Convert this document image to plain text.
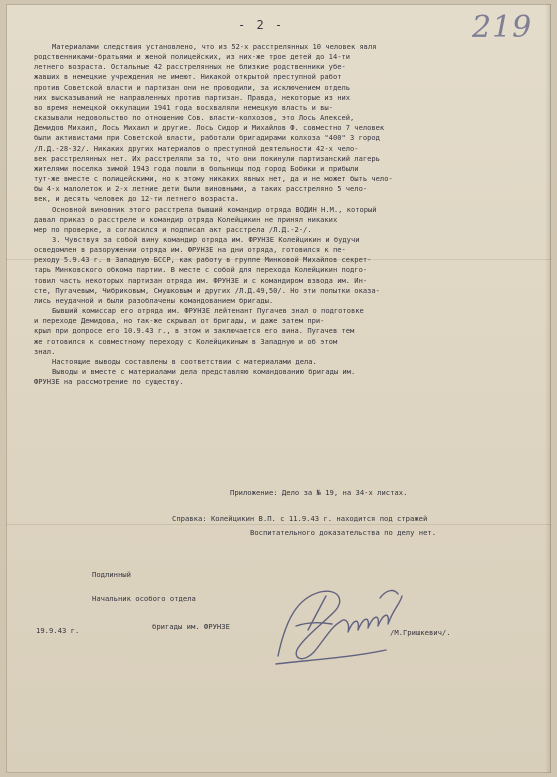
- 2 -	219
Материалами следствия установлено, что из 52-х расстрелянных 10 человек явля
родственниками-братьями и женой полицейских, из них-же трое детей до 14-ти
летнего возраста. Остальные 42 расстрелянных не близкие родственники убе-
жавших в немецкие учреждения не имеют. Никакой открытой преступной работ
против Советской власти и партизан они не проводили, за исключением отдель
них высказываний не направленных против партизан. Правда, некоторые из них
во время немецкой оккупации 1941 года восхваляли немецкую власть и вы-
сказывали недовольство по отношению Сов. власти-колхозов, это Лось Алексей,
Демидов Михаил, Лось Михаил и другие. Лось Сидор и Михайлов Ф. совместно 7 человек
были активистами при Советской власти, работали бригадирами колхоза "400" 3 город
/Л.Д.-28-32/. Никаких других материалов о преступной деятельности 42-х чело-
век расстрелянных нет. Их расстреляли за то, что они покинули партизанский лагерь
жителями поселка зимой 1943 года пошли в больницы под город Бобики и прибыли
тут-же вместе с полицейскими, но к этому никаких явных нет, да и не может быть чело-
бы 4-х малолеток и 2-х летние дети были виновными, а таких расстреляно 5 чело-
век, и десять человек до 12-ти летнего возраста.
Основной виновник этого расстрела бывший командир отряда ВОДИН Н.М., который
давал приказ о расстреле и командир отряда Колейцикин не принял никаких
мер по проверке, а согласился и подписал акт расстрела /Л.Д.-2-/.
3. Чувствуя за собой вину командир отряда им. ФРУНЗЕ Колейцикин и будучи
осведомлен в разоружении отряда им. ФРУНЗЕ на дни отряда, готовился к пе-
реходу 5.9.43 г. в Западную БССР, как работу в группе Минковой Михайлов секрет-
тарь Минковского обкома партии. В месте с собой для перехода Колейцикин подго-
товил часть некоторых партизан отряда им. ФРУНЗЕ и с командиром взвода им. Ин-
сте, Пугачевым, Чибриковым, Смушковым и других /Л.Д.49,50/. Но эти попытки оказа-
лись неудачной и были разоблачены командованием бригады.
Бывший комиссар его отряда им. ФРУНЗЕ лейтенант Пугачев знал о подготовке
и переходе Демидова, но так-же скрывал от бригады, и даже затем при-
крыл при допросе его 10.9.43 г., в этом и заключается его вина. Пугачев тем
же готовился к совместному переходу с Колейцикиным в Западную и об этом
знал.
Настоящие выводы составлены в соответствии с материалами дела.
Выводы и вместе с материалами дела представляю командованию бригады им.
ФРУНЗЕ на рассмотрение по существу.
Приложение: Дело за № 19, на 34-х листах.
Справка: Колейцикин В.П. с 11.9.43 г. находится под стражей
Воспитательного доказательства по делу нет.
Подлинный
Начальник особого отдела
бригады им. ФРУНЗЕ
19.9.43 г.	/М.Гришкевич/.
